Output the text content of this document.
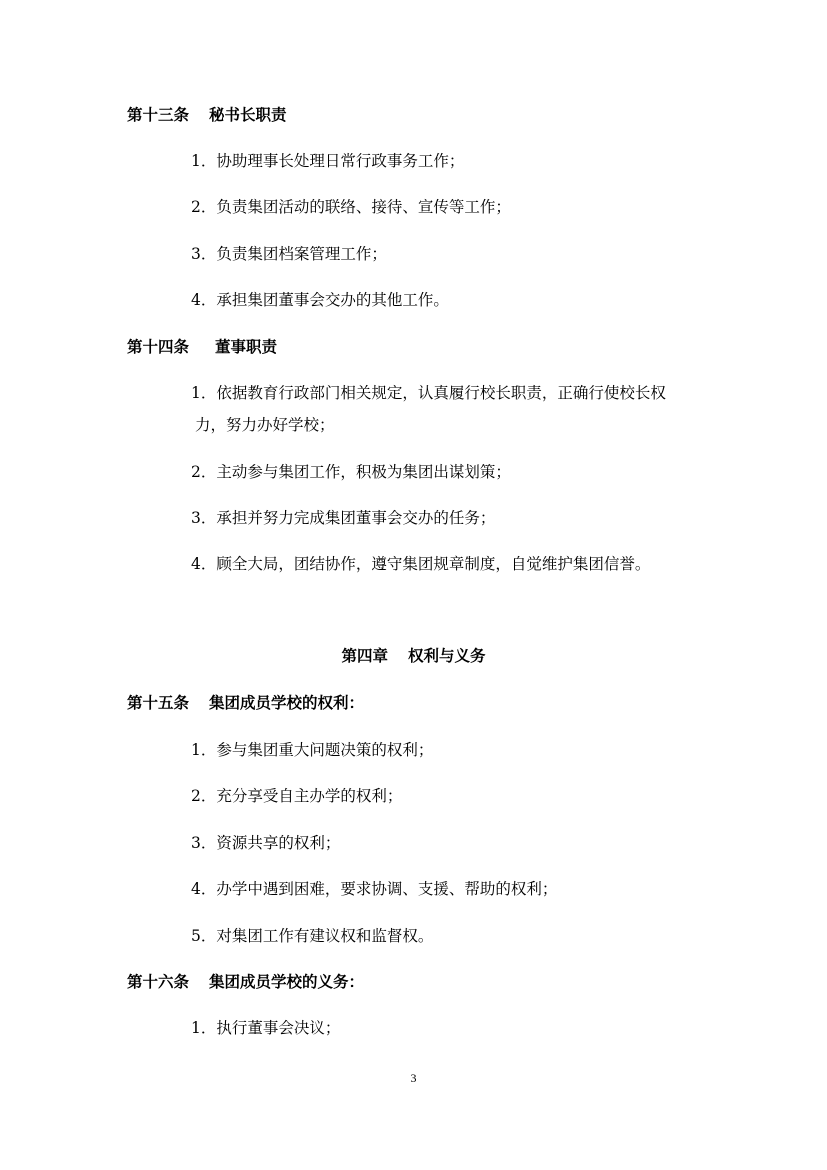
第十三条 秘书长职责
1．协助理事长处理日常行政事务工作；
2．负责集团活动的联络、接待、宣传等工作；
3．负责集团档案管理工作；
4．承担集团董事会交办的其他工作。
第十四条 董事职责
1．依据教育行政部门相关规定，认真履行校长职责，正确行使校长权
力，努力办好学校；
2．主动参与集团工作，积极为集团出谋划策；
3．承担并努力完成集团董事会交办的任务；
4．顾全大局，团结协作，遵守集团规章制度，自觉维护集团信誉。
第四章 权利与义务
第十五条 集团成员学校的权利：
1．参与集团重大问题决策的权利；
2．充分享受自主办学的权利；
3．资源共享的权利；
4．办学中遇到困难，要求协调、支援、帮助的权利；
5．对集团工作有建议权和监督权。
第十六条 集团成员学校的义务：
1．执行董事会决议；
3
